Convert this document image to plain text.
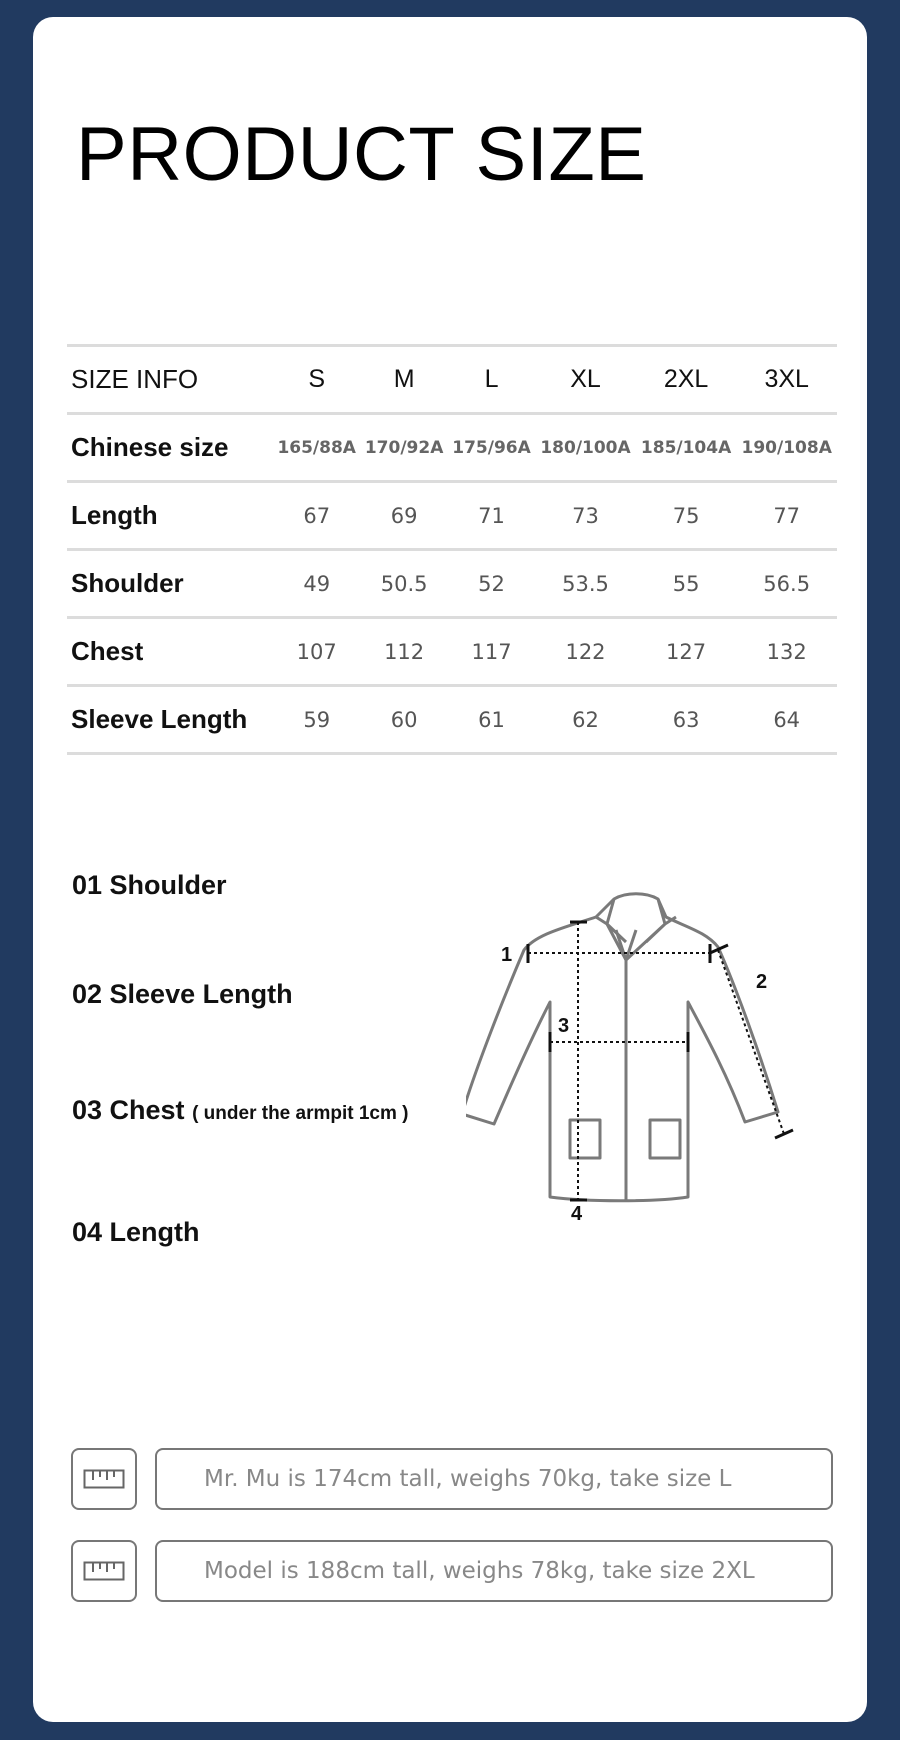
PRODUCT SIZE
SIZE INFO	S	M	L	XL	2XL	3XL
Chinese size	165/88A	170/92A	175/96A	180/100A	185/104A	190/108A
Length	67	69	71	73	75	77
Shoulder	49	50.5	52	53.5	55	56.5
Chest	107	112	117	122	127	132
Sleeve Length	59	60	61	62	63	64

01 Shoulder

02 Sleeve Length

03 Chest ( under the armpit 1cm )

04 Length

1
2
3
4
Mr. Mu is 174cm tall, weighs 70kg, take size L
Model is 188cm tall, weighs 78kg, take size 2XL
